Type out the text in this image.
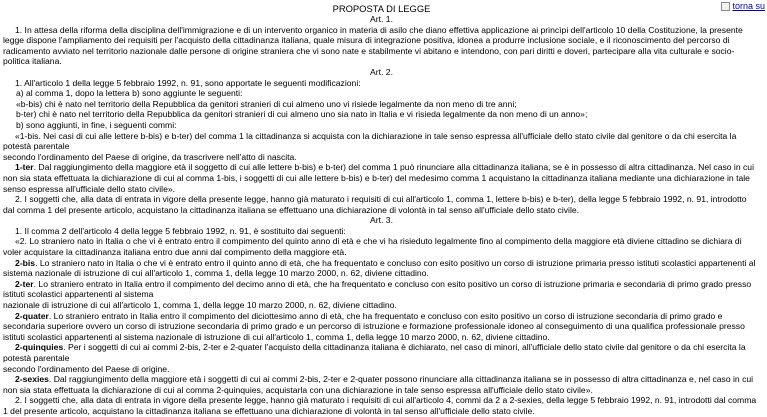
torna su
PROPOSTA DI LEGGE
Art. 1.

1. In attesa della riforma della disciplina dell'immigrazione e di un intervento organico in materia di asilo che diano effettiva applicazione ai princìpi dell'articolo 10 della Costituzione, la presente legge dispone l'ampliamento dei requisiti per l'acquisto della cittadinanza italiana, quale misura di integrazione positiva, idonea a produrre inclusione sociale, e il riconoscimento del percorso di radicamento avviato nel territorio nazionale dalle persone di origine straniera che vi sono nate e stabilmente vi abitano e intendono, con pari diritti e doveri, partecipare alla vita culturale e socio-politica italiana.

Art. 2.

1. All'articolo 1 della legge 5 febbraio 1992, n. 91, sono apportate le seguenti modificazioni:

a) al comma 1, dopo la lettera b) sono aggiunte le seguenti:

«b-bis) chi è nato nel territorio della Repubblica da genitori stranieri di cui almeno uno vi risiede legalmente da non meno di tre anni;

b-ter) chi è nato nel territorio della Repubblica da genitori stranieri di cui almeno uno sia nato in Italia e vi risieda legalmente da non meno di un anno»;

b) sono aggiunti, in fine, i seguenti commi:

«1-bis. Nei casi di cui alle lettere b-bis) e b-ter) del comma 1 la cittadinanza si acquista con la dichiarazione in tale senso espressa all'ufficiale dello stato civile dal genitore o da chi esercita la potestà parentale

secondo l'ordinamento del Paese di origine, da trascrivere nell'atto di nascita.

1-ter. Dal raggiungimento della maggiore età il soggetto di cui alle lettere b-bis) e b-ter) del comma 1 può rinunciare alla cittadinanza italiana, se è in possesso di altra cittadinanza. Nel caso in cui non sia stata effettuata la dichiarazione di cui al comma 1-bis, i soggetti di cui alle lettere b-bis) e b-ter) del medesimo comma 1 acquistano la cittadinanza italiana mediante una dichiarazione in tale senso espressa all'ufficiale dello stato civile».

2. I soggetti che, alla data di entrata in vigore della presente legge, hanno già maturato i requisiti di cui all'articolo 1, comma 1, lettere b-bis) e b-ter), della legge 5 febbraio 1992, n. 91, introdotto dal comma 1 del presente articolo, acquistano la cittadinanza italiana se effettuano una dichiarazione di volontà in tal senso all'ufficiale dello stato civile.

Art. 3.

1. Il comma 2 dell'articolo 4 della legge 5 febbraio 1992, n. 91, è sostituito dai seguenti:

«2. Lo straniero nato in Italia o che vi è entrato entro il compimento del quinto anno di età e che vi ha risieduto legalmente fino al compimento della maggiore età diviene cittadino se dichiara di voler acquistare la cittadinanza italiana entro due anni dal compimento della maggiore età.

2-bis. Lo straniero nato in Italia o che vi è entrato entro il quinto anno di età, che ha frequentato e concluso con esito positivo un corso di istruzione primaria presso istituti scolastici appartenenti al sistema nazionale di istruzione di cui all'articolo 1, comma 1, della legge 10 marzo 2000, n. 62, diviene cittadino.

2-ter. Lo straniero entrato in Italia entro il compimento del decimo anno di età, che ha frequentato e concluso con esito positivo un corso di istruzione primaria e secondaria di primo grado presso istituti scolastici appartenenti al sistema

nazionale di istruzione di cui all'articolo 1, comma 1, della legge 10 marzo 2000, n. 62, diviene cittadino.

2-quater. Lo straniero entrato in Italia entro il compimento del diciottesimo anno di età, che ha frequentato e concluso con esito positivo un corso di istruzione secondaria di primo grado e secondaria superiore ovvero un corso di istruzione secondaria di primo grado e un percorso di istruzione e formazione professionale idoneo al conseguimento di una qualifica professionale presso istituti scolastici appartenenti al sistema nazionale di istruzione di cui all'articolo 1, comma 1, della legge 10 marzo 2000, n. 62, diviene cittadino.

2-quinquies. Per i soggetti di cui ai commi 2-bis, 2-ter e 2-quater l'acquisto della cittadinanza italiana è dichiarato, nel caso di minori, all'ufficiale dello stato civile dal genitore o da chi esercita la potestà parentale

secondo l'ordinamento del Paese di origine.

2-sexies. Dal raggiungimento della maggiore età i soggetti di cui ai commi 2-bis, 2-ter e 2-quater possono rinunciare alla cittadinanza italiana se in possesso di altra cittadinanza e, nel caso in cui non sia stata effettuata la dichiarazione di cui al comma 2-quinquies, acquistarla con una dichiarazione in tale senso espressa all'ufficiale dello stato civile».

2. I soggetti che, alla data di entrata in vigore della presente legge, hanno già maturato i requisiti di cui all'articolo 4, commi da 2 a 2-sexies, della legge 5 febbraio 1992, n. 91, introdotti dal comma 1 del presente articolo, acquistano la cittadinanza italiana se effettuano una dichiarazione di volontà in tal senso all'ufficiale dello stato civile.
